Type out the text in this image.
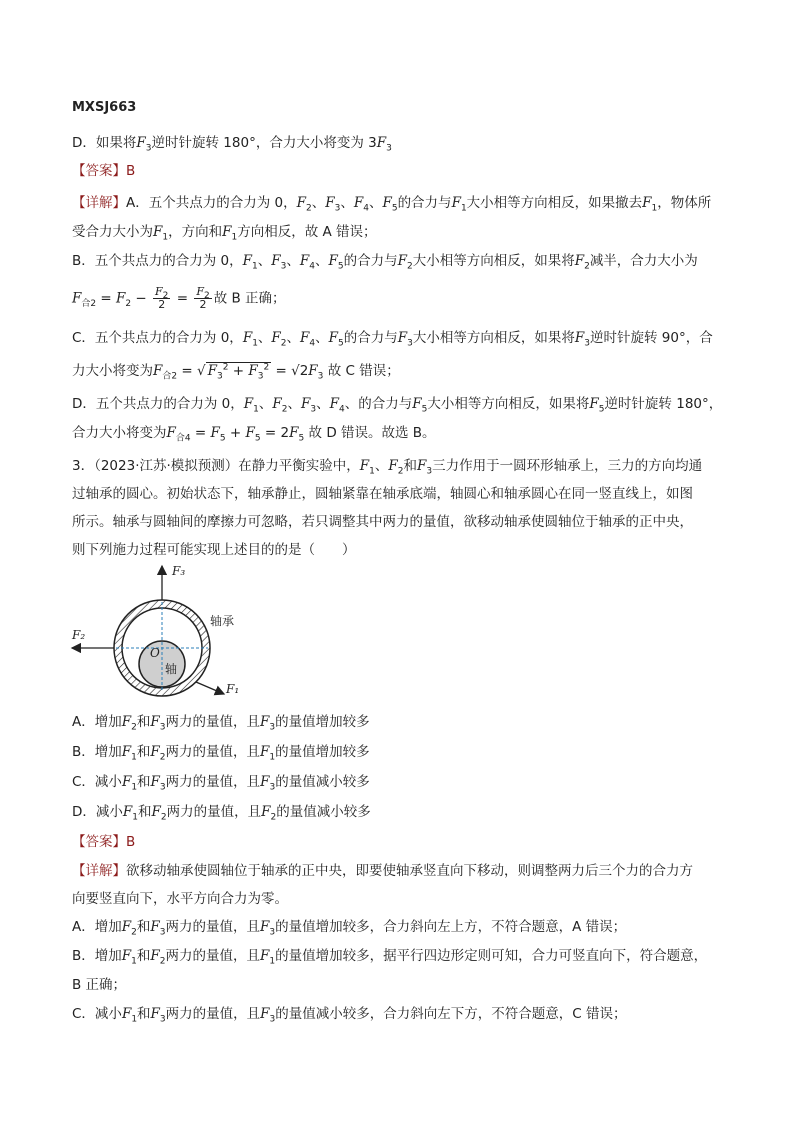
MXSJ663
D．如果将$F_3$逆时针旋转 180°，合力大小将变为 $3F_3$
【答案】B
【详解】A．五个共点力的合力为 0，$F_2$、$F_3$、$F_4$、$F_5$的合力与$F_1$大小相等方向相反，如果撤去$F_1$，物体所
受合力大小为$F_1$，方向和$F_1$方向相反，故 A 错误；
B．五个共点力的合力为 0，$F_1$、$F_3$、$F_4$、$F_5$的合力与$F_2$大小相等方向相反，如果将$F_2$减半，合力大小为
$F_{合2} = F_2 - \frac{F_2}{2} = \frac{F_2}{2}$ 故 B 正确；
C．五个共点力的合力为 0，$F_1$、$F_2$、$F_4$、$F_5$的合力与$F_3$大小相等方向相反，如果将$F_3$逆时针旋转 90°，合
力大小将变为$F_{合2}$ = √ $F_3^2 + F_3^2 = √2F_3$ 故 C 错误；
D．五个共点力的合力为 0，$F_1$、$F_2$、$F_3$、$F_4$、的合力与$F_5$大小相等方向相反，如果将$F_5$逆时针旋转 180°，
合力大小将变为$F_{合4} = F_5 + F_5 = 2F_5$ 故 D 错误。故选 B。
3．（2023·江苏·模拟预测）在静力平衡实验中，$F_1$、$F_2$和$F_3$三力作用于一圆环形轴承上，三力的方向均通
过轴承的圆心。初始状态下，轴承静止，圆轴紧靠在轴承底端，轴圆心和轴承圆心在同一竖直线上，如图
所示。轴承与圆轴间的摩擦力可忽略，若只调整其中两力的量值，欲移动轴承使圆轴位于轴承的正中央，
则下列施力过程可能实现上述目的的是（　　）
F₃
F₂
F₁
O
轴承
轴
A．增加$F_2$和$F_3$两力的量值，且$F_3$的量值增加较多
B．增加$F_1$和$F_2$两力的量值，且$F_1$的量值增加较多
C．减小$F_1$和$F_3$两力的量值，且$F_3$的量值减小较多
D．减小$F_1$和$F_2$两力的量值，且$F_2$的量值减小较多
【答案】B
【详解】欲移动轴承使圆轴位于轴承的正中央，即要使轴承竖直向下移动，则调整两力后三个力的合力方
向要竖直向下，水平方向合力为零。
A．增加$F_2$和$F_3$两力的量值，且$F_3$的量值增加较多，合力斜向左上方，不符合题意，A 错误；
B．增加$F_1$和$F_2$两力的量值，且$F_1$的量值增加较多，据平行四边形定则可知，合力可竖直向下，符合题意，
B 正确；
C．减小$F_1$和$F_3$两力的量值，且$F_3$的量值减小较多，合力斜向左下方，不符合题意，C 错误；
